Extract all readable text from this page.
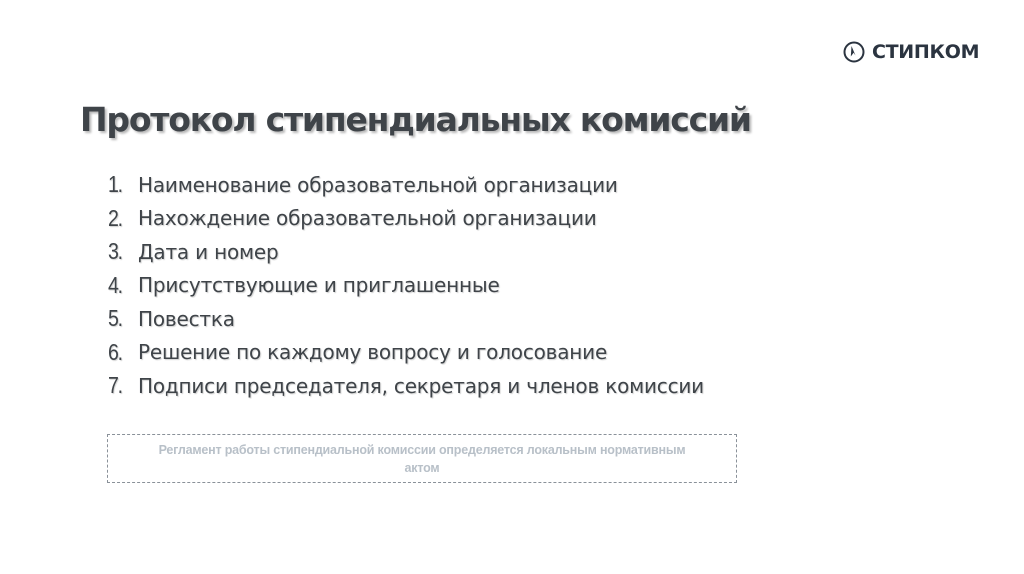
СТИПКОМ
Протокол стипендиальных комиссий
1. Наименование образовательной организации
2. Нахождение образовательной организации
3. Дата и номер
4. Присутствующие и приглашенные
5. Повестка
6. Решение по каждому вопросу и голосование
7. Подписи председателя, секретаря и членов комиссии
Регламент работы стипендиальной комиссии определяется локальным нормативным актом
